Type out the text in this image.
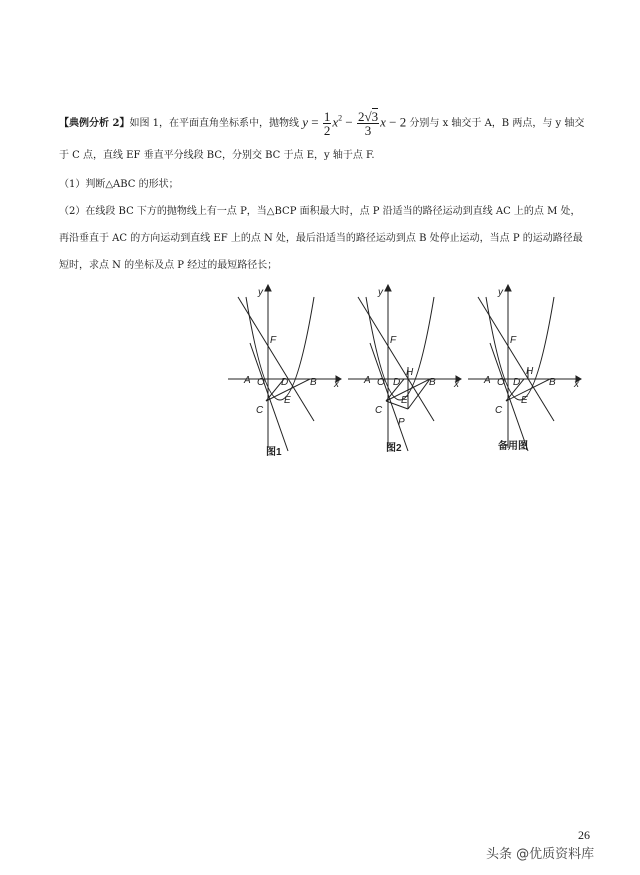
【典例分析 2】如图 1，在平面直角坐标系中，抛物线 $y = \frac{1}{2} x^2 - \frac{2√3}{3}$ x − 2 分别与 x 轴交于 A，B 两点，与 y 轴交
于 C 点，直线 EF 垂直平分线段 BC，分别交 BC 于点 E，y 轴于点 F.
（1）判断△ABC 的形状；
（2）在线段 BC 下方的抛物线上有一点 P，当△BCP 面积最大时，点 P 沿适当的路径运动到直线 AC 上的点 M 处，
再沿垂直于 AC 的方向运动到直线 EF 上的点 N 处，最后沿适当的路径运动到点 B 处停止运动，当点 P 的运动路径最
短时，求点 N 的坐标及点 P 经过的最短路径长；
y
x
F
A O D B
C
E
图1
y
x
F
H
A O D	B
C
E
P
图2
y
x
F
H
A O D	B
C
E
备用图
26
头条 @优质资料库
